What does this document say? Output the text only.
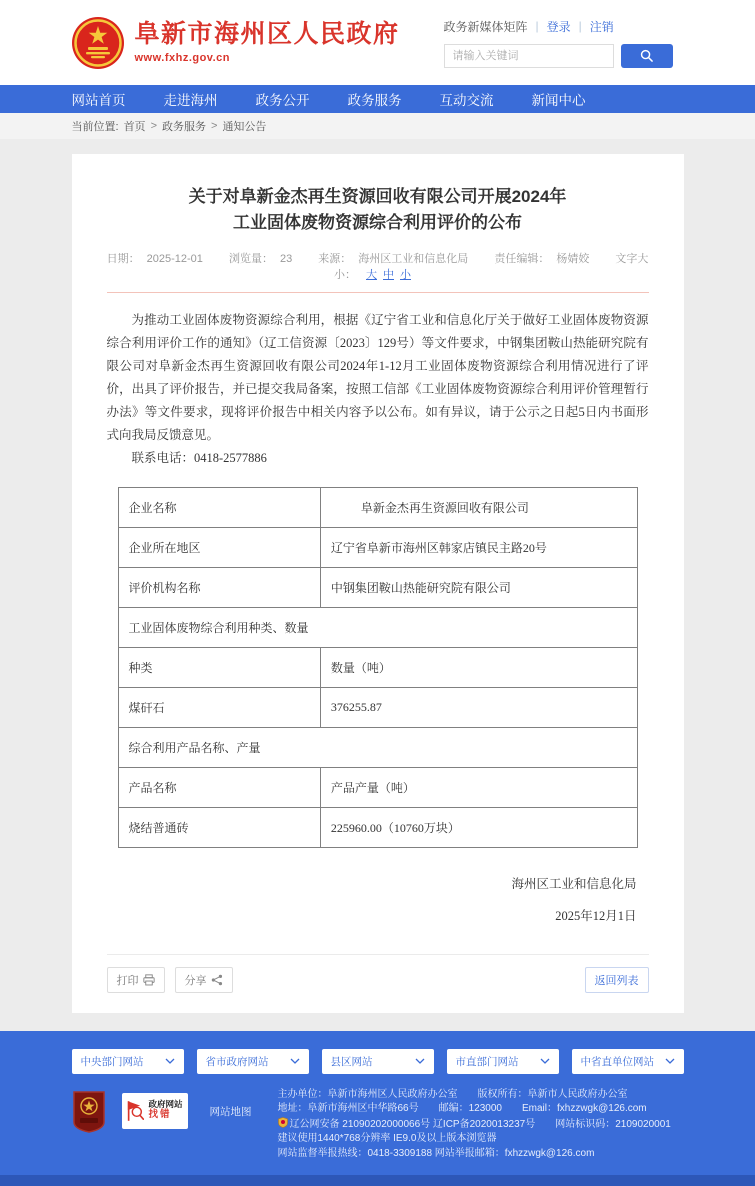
阜新市海州区人民政府
www.fxhz.gov.cn
政务新媒体矩阵 | 登录 | 注销
请输入关键词
网站首页	走进海州	政务公开	政务服务	互动交流	新闻中心
当前位置: 首页 > 政务服务 > 通知公告
关于对阜新金杰再生资源回收有限公司开展2024年
工业固体废物资源综合利用评价的公布
日期： 2025-12-01 浏览量： 23 来源： 海州区工业和信息化局 责任编辑： 杨婧姣 文字大小： 大 中 小

为推动工业固体废物资源综合利用，根据《辽宁省工业和信息化厅关于做好工业固体废物资源综合利用评价工作的通知》（辽工信资源〔2023〕129号）等文件要求，中钢集团鞍山热能研究院有限公司对阜新金杰再生资源回收有限公司2024年1-12月工业固体废物资源综合利用情况进行了评价，出具了评价报告，并已提交我局备案，按照工信部《工业固体废物资源综合利用评价管理暂行办法》等文件要求，现将评价报告中相关内容予以公布。如有异议，请于公示之日起5日内书面形式向我局反馈意见。

联系电话：0418-2577886

企业名称	阜新金杰再生资源回收有限公司
企业所在地区	辽宁省阜新市海州区韩家店镇民主路20号
评价机构名称	中钢集团鞍山热能研究院有限公司
工业固体废物综合利用种类、数量	
种类	数量（吨）
煤矸石	376255.87
综合利用产品名称、产量	
产品名称	产品产量（吨）
烧结普通砖	225960.00（10760万块）
海州区工业和信息化局
2025年12月1日
打印	分享	返回列表
中央部门网站	省市政府网站	县区网站	市直部门网站	中省直单位网站
政府网站
找错	网站地图
主办单位：阜新市海州区人民政府办公室　　版权所有：阜新市人民政府办公室
地址：阜新市海州区中华路66号　　邮编：123000　　Email：fxhzzwgk@126.com
辽公网安备 21090202000066号 辽ICP备2020013237号　　网站标识码：2109020001
建议使用1440*768分辨率 IE9.0及以上版本浏览器
网站监督举报热线：0418-3309188 网站举报邮箱：fxhzzwgk@126.com
